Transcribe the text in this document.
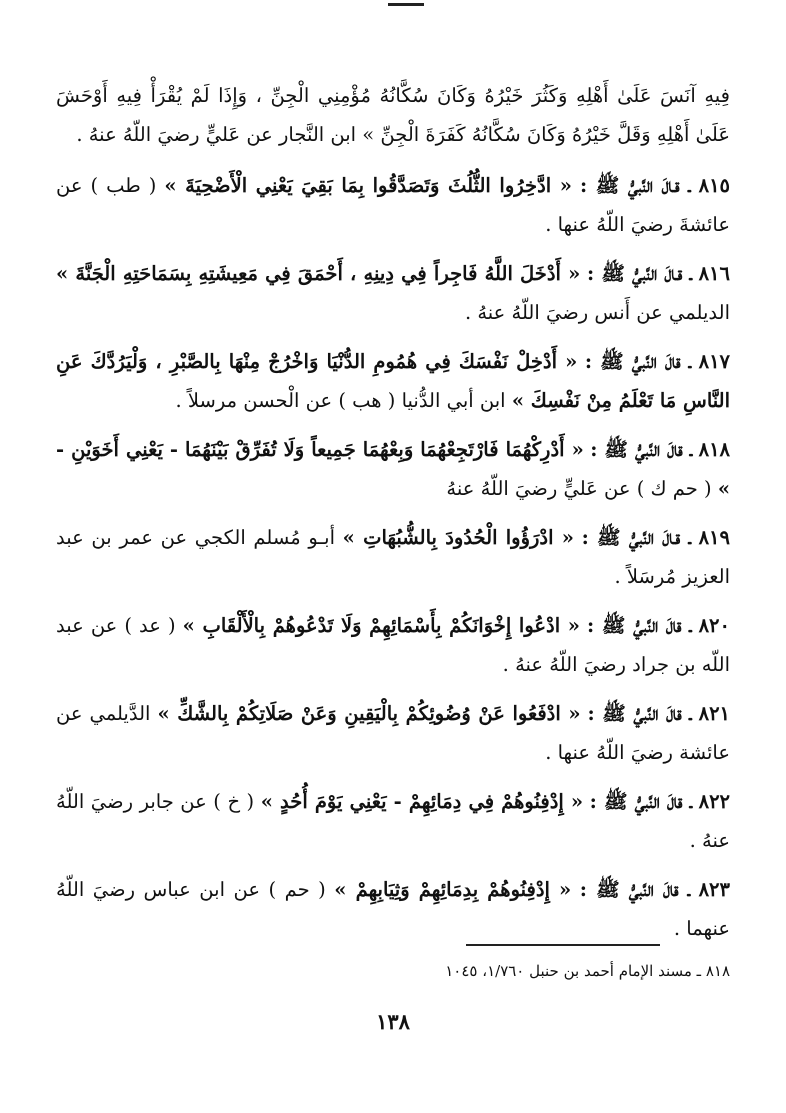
فِيهِ آنَسَ عَلَىٰ أَهْلِهِ وَكَثُرَ خَيْرُهُ وَكَانَ سُكَّانُهُ مُؤْمِنِي الْجِنِّ ، وَإِذَا لَمْ يُقْرَأْ فِيهِ أَوْحَشَ عَلَىٰ أَهْلِهِ وَقَلَّ خَيْرُهُ وَكَانَ سُكَّانُهُ كَفَرَةَ الْجِنِّ » ابن النَّجار عن عَليٍّ رضيَ اللّهُ عنهُ .

٨١٥ ـ قـالَ النَّبيُّ ﷺ : « ادَّخِرُوا الثُّلُثَ وَتَصَدَّقُوا بِمَا بَقِيَ يَعْنِي الْأَضْحِيَةَ » ( طب ) عن عائشةَ رضيَ اللّهُ عنها .

٨١٦ ـ قـالَ النَّبيُّ ﷺ : « أَدْخَلَ اللَّهُ فَاجِراً فِي دِينِهِ ، أَحْمَقَ فِي مَعِيشَتِهِ بِسَمَاحَتِهِ الْجَنَّةَ » الديلمي عن أَنس رضيَ اللّهُ عنهُ .

٨١٧ ـ قالَ النَّبيُّ ﷺ : « أَدْخِلْ نَفْسَكَ فِي هُمُومِ الدُّنْيَا وَاخْرُجْ مِنْهَا بِالصَّبْرِ ، وَلْيَرُدَّكَ عَنِ النَّاسِ مَا تَعْلَمُ مِنْ نَفْسِكَ » ابن أبي الدُّنيا ( هب ) عن الْحسن مرسلاً .

٨١٨ ـ قالَ النَّبيُّ ﷺ : « أَدْرِكْهُمَا فَارْتَجِعْهُمَا وَبِعْهُمَا جَمِيعاً وَلَا تُفَرِّقْ بَيْنَهُمَا - يَعْنِي أَخَوَيْنِ - » ( حم ك ) عن عَليٍّ رضيَ اللّهُ عنهُ

٨١٩ ـ قـالَ النَّبيُّ ﷺ : « ادْرَؤُوا الْحُدُودَ بِالشُّبُهَاتِ » أبـو مُسلم الكجي عن عمر بن عبد العزيز مُرسَلاً .

٨٢٠ ـ قالَ النَّبيُّ ﷺ : « ادْعُوا إِخْوَانَكُمْ بِأَسْمَائِهِمْ وَلَا تَدْعُوهُمْ بِالْأَلْقَابِ » ( عد ) عن عبد اللّه بن جراد رضيَ اللّهُ عنهُ .

٨٢١ ـ قالَ النَّبيُّ ﷺ : « ادْفَعُوا عَنْ وُضُوئِكُمْ بِالْيَقِينِ وَعَنْ صَلَاتِكُمْ بِالشَّكِّ » الدَّيلمي عن عائشة رضيَ اللّهُ عنها .

٨٢٢ ـ قالَ النَّبيُّ ﷺ : « إِدْفِنُوهُمْ فِي دِمَائِهِمْ - يَعْنِي يَوْمَ أُحُدٍ » ( خ ) عن جابر رضيَ اللّهُ عنهُ .

٨٢٣ ـ قالَ النَّبيُّ ﷺ : « إِدْفِنُوهُمْ بِدِمَائِهِمْ وَثِيَابِهِمْ » ( حم ) عن ابن عباس رضيَ اللّهُ عنهما .

٨١٨ ـ مسند الإمام أحمد بن حنبل ١/٧٦٠، ١٠٤٥
١٣٨
